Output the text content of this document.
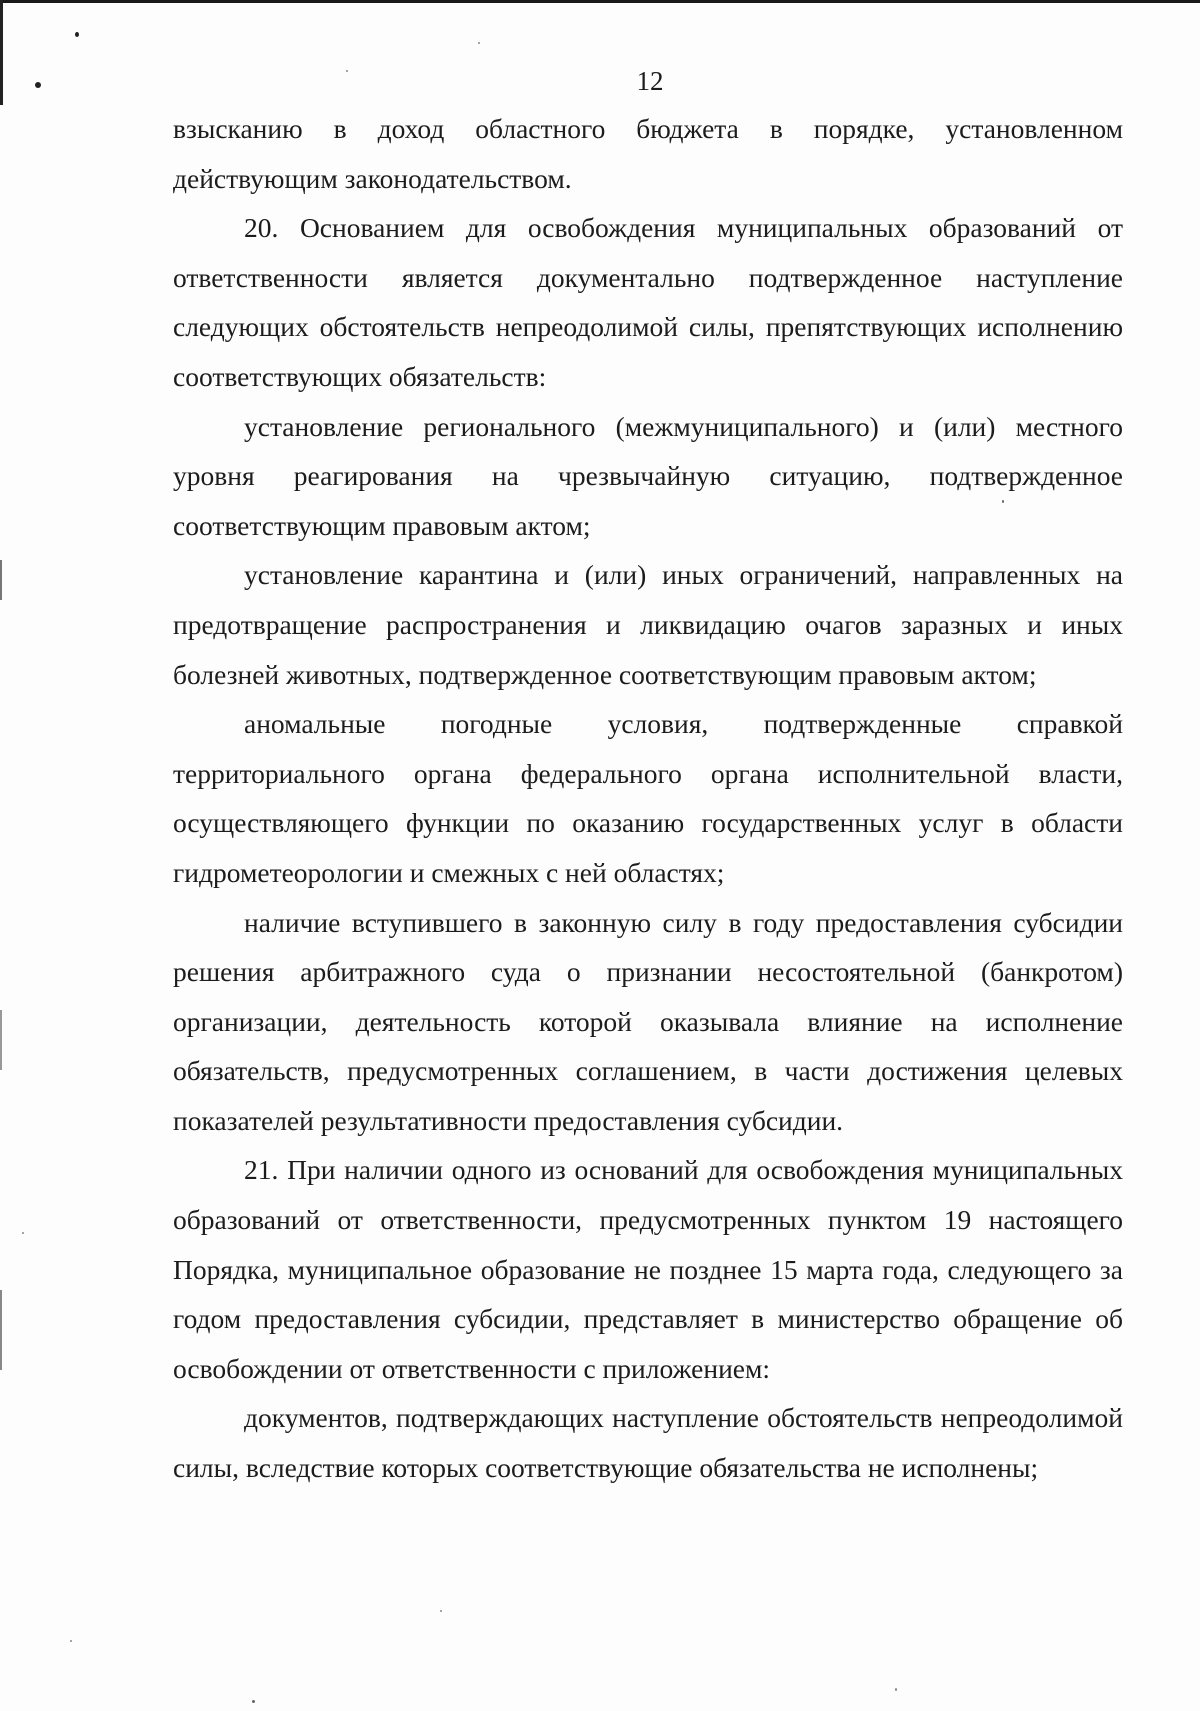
12

взысканию в доход областного бюджета в порядке, установленном действующим законодательством.

20. Основанием для освобождения муниципальных образований от ответственности является документально подтвержденное наступление следующих обстоятельств непреодолимой силы, препятствующих исполнению соответствующих обязательств:

установление регионального (межмуниципального) и (или) местного уровня реагирования на чрезвычайную ситуацию, подтвержденное соответствующим правовым актом;

установление карантина и (или) иных ограничений, направленных на предотвращение распространения и ликвидацию очагов заразных и иных болезней животных, подтвержденное соответствующим правовым актом;

аномальные погодные условия, подтвержденные справкой территориального органа федерального органа исполнительной власти, осуществляющего функции по оказанию государственных услуг в области гидрометеорологии и смежных с ней областях;

наличие вступившего в законную силу в году предоставления субсидии решения арбитражного суда о признании несостоятельной (банкротом) организации, деятельность которой оказывала влияние на исполнение обязательств, предусмотренных соглашением, в части достижения целевых показателей результативности предоставления субсидии.

21. При наличии одного из оснований для освобождения муниципальных образований от ответственности, предусмотренных пунктом 19 настоящего Порядка, муниципальное образование не позднее 15 марта года, следующего за годом предоставления субсидии, представляет в министерство обращение об освобождении от ответственности с приложением:

документов, подтверждающих наступление обстоятельств непреодолимой силы, вследствие которых соответствующие обязательства не исполнены;
